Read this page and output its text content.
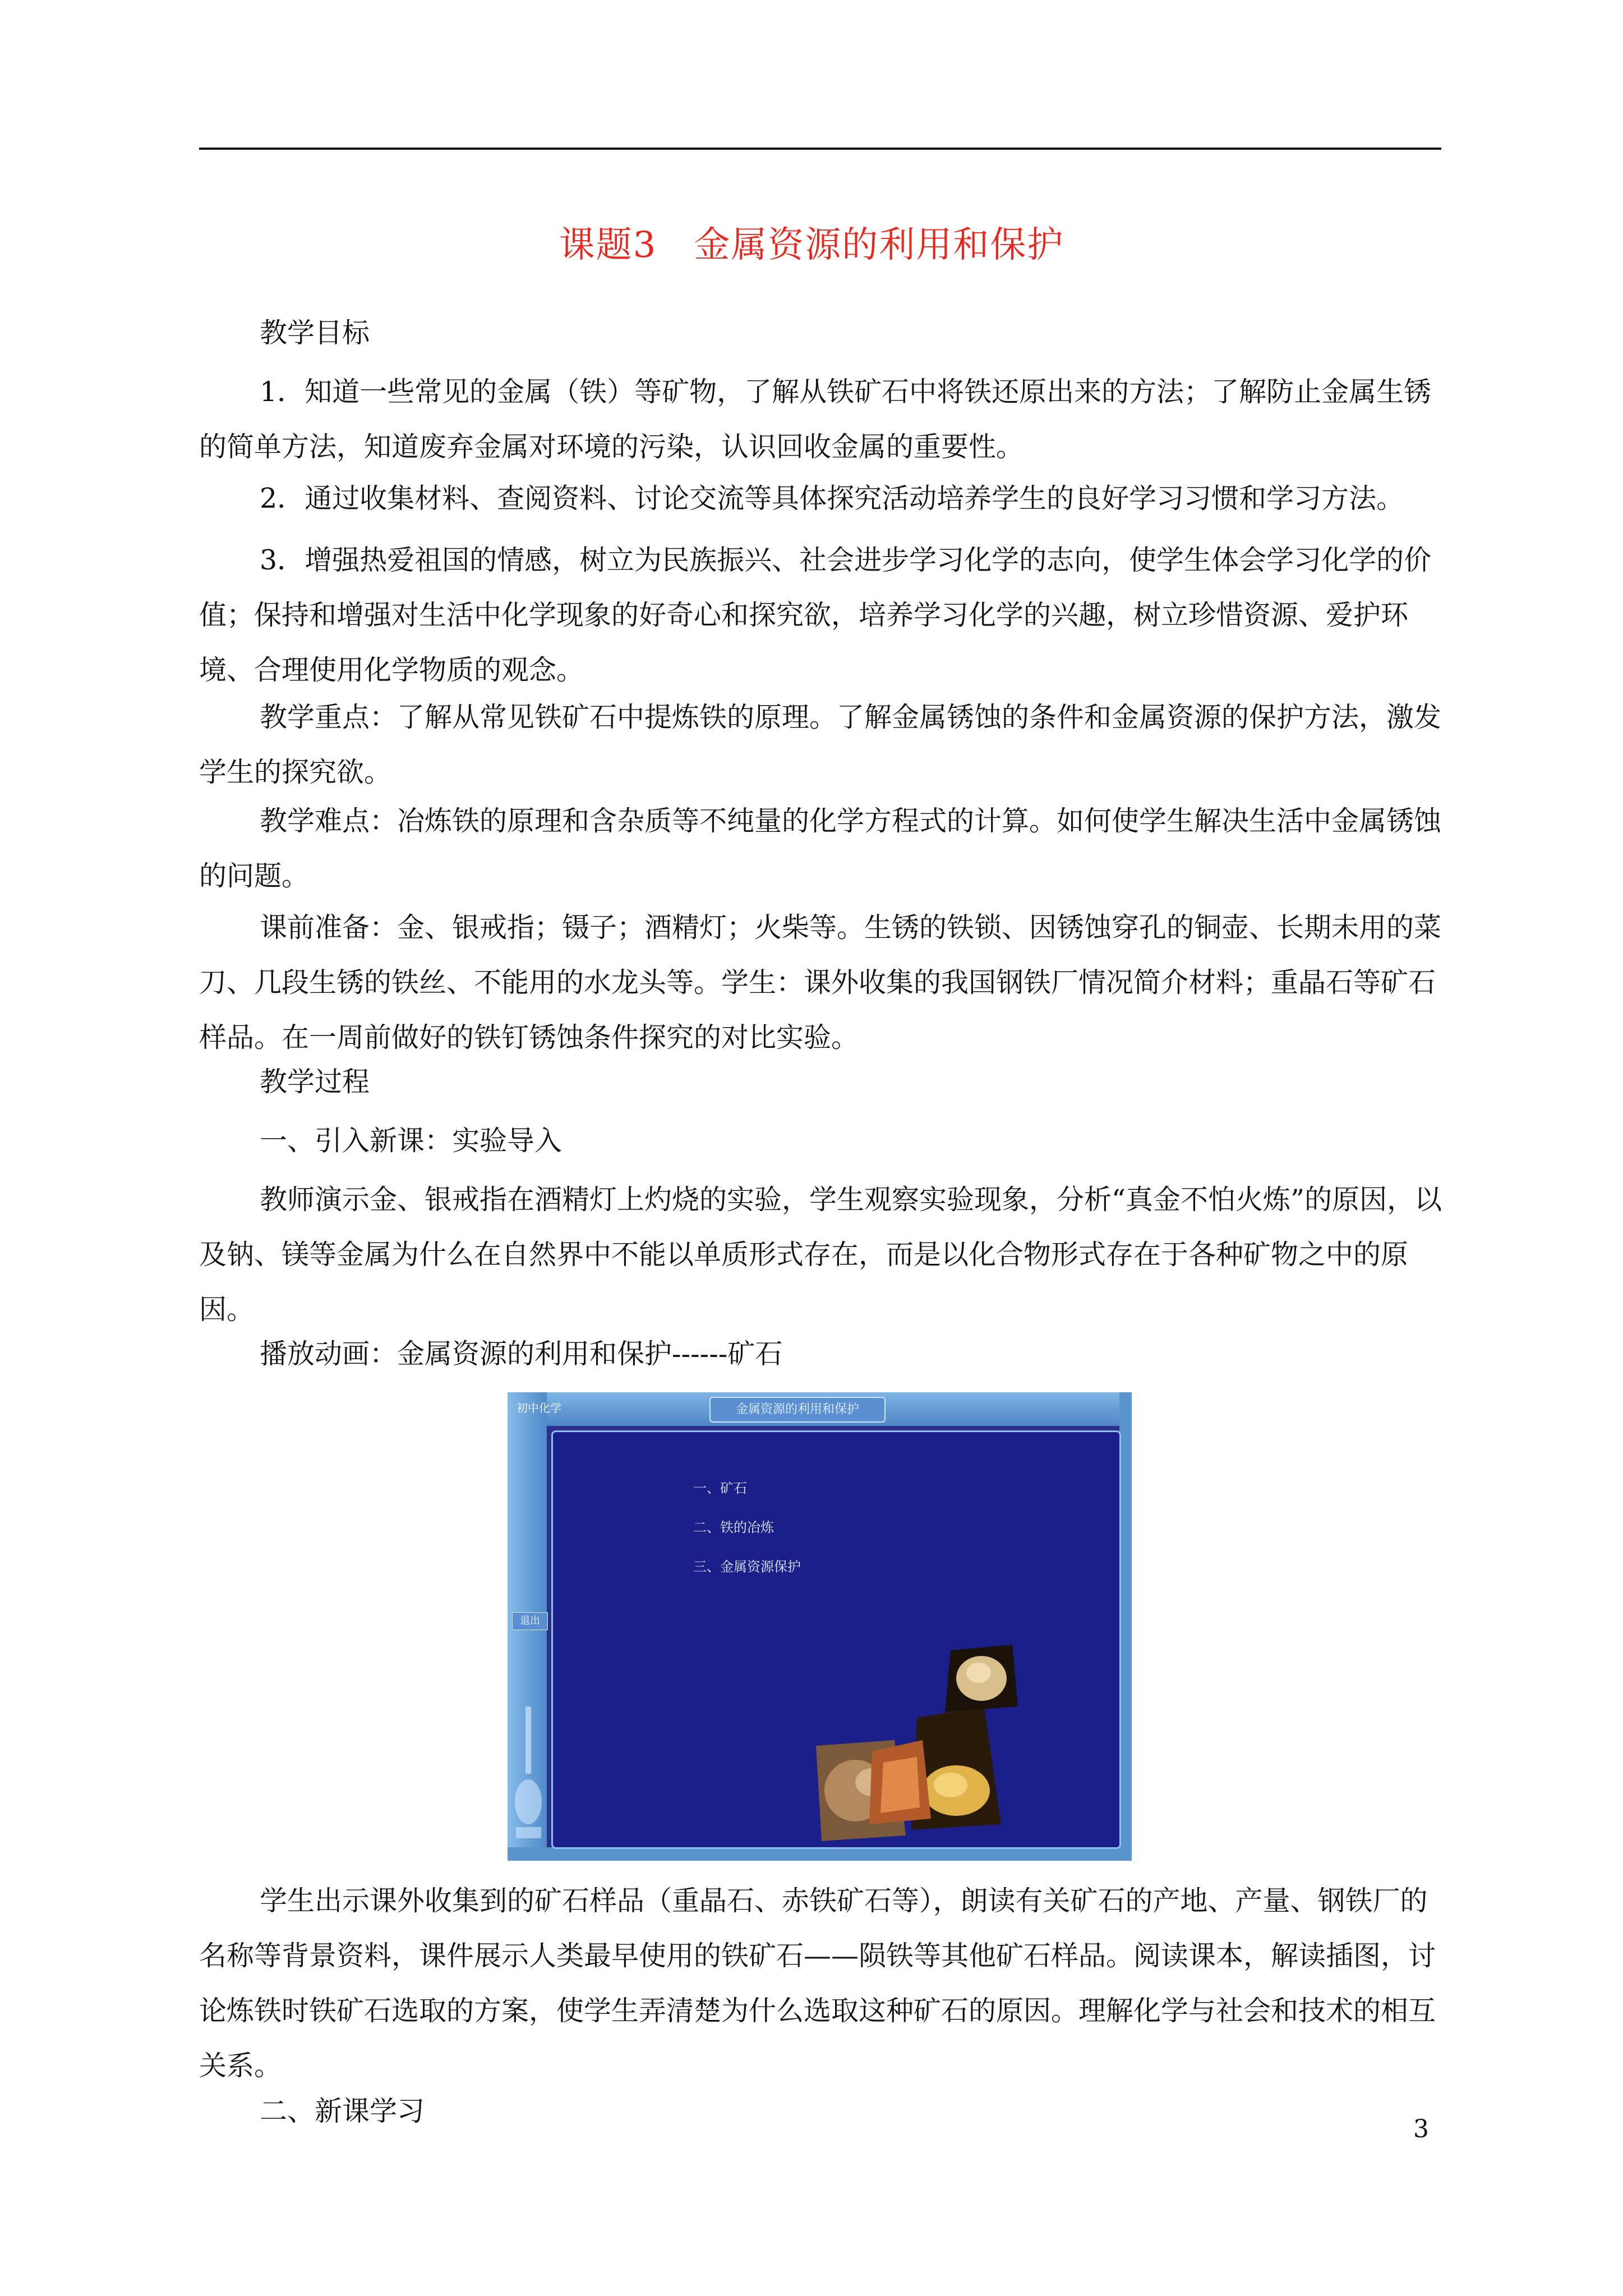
课题3　金属资源的利用和保护

教学目标

1．知道一些常见的金属（铁）等矿物，了解从铁矿石中将铁还原出来的方法；了解防止金属生锈的简单方法，知道废弃金属对环境的污染，认识回收金属的重要性。

2．通过收集材料、查阅资料、讨论交流等具体探究活动培养学生的良好学习习惯和学习方法。

3．增强热爱祖国的情感，树立为民族振兴、社会进步学习化学的志向，使学生体会学习化学的价值；保持和增强对生活中化学现象的好奇心和探究欲，培养学习化学的兴趣，树立珍惜资源、爱护环境、合理使用化学物质的观念。

教学重点：了解从常见铁矿石中提炼铁的原理。了解金属锈蚀的条件和金属资源的保护方法，激发学生的探究欲。

教学难点：冶炼铁的原理和含杂质等不纯量的化学方程式的计算。如何使学生解决生活中金属锈蚀的问题。

课前准备：金、银戒指；镊子；酒精灯；火柴等。生锈的铁锁、因锈蚀穿孔的铜壶、长期未用的菜刀、几段生锈的铁丝、不能用的水龙头等。学生：课外收集的我国钢铁厂情况简介材料；重晶石等矿石样品。在一周前做好的铁钉锈蚀条件探究的对比实验。

教学过程

一、引入新课：实验导入

教师演示金、银戒指在酒精灯上灼烧的实验，学生观察实验现象，分析“真金不怕火炼”的原因，以及钠、镁等金属为什么在自然界中不能以单质形式存在，而是以化合物形式存在于各种矿物之中的原因。

播放动画：金属资源的利用和保护------矿石

初中化学	金属资源的利用和保护
一、矿石
二、铁的冶炼
三、金属资源保护
退出

学生出示课外收集到的矿石样品（重晶石、赤铁矿石等），朗读有关矿石的产地、产量、钢铁厂的名称等背景资料，课件展示人类最早使用的铁矿石——陨铁等其他矿石样品。阅读课本，解读插图，讨论炼铁时铁矿石选取的方案，使学生弄清楚为什么选取这种矿石的原因。理解化学与社会和技术的相互关系。

二、新课学习

3
